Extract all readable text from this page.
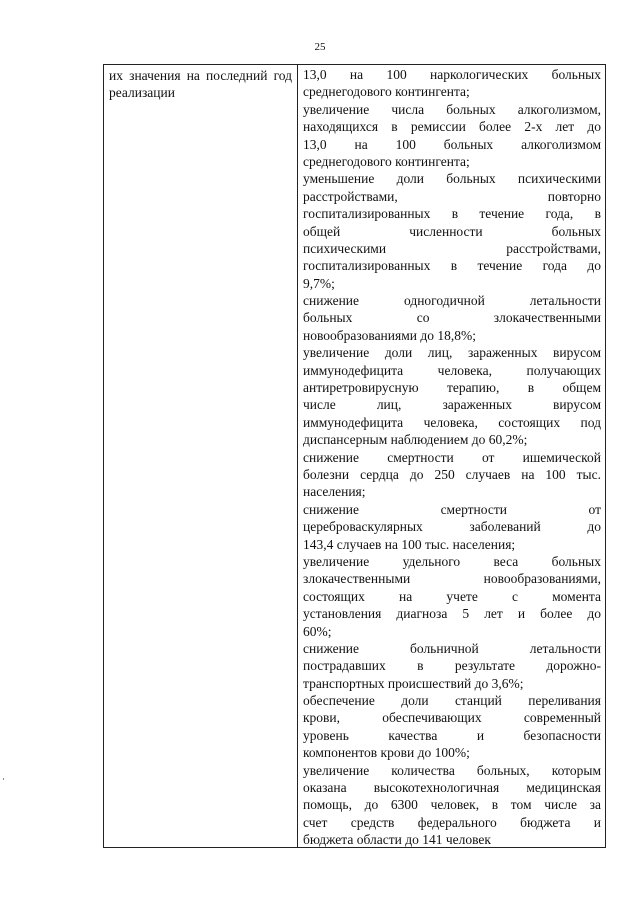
25
их значения на последний год реализации
13,0 на 100 наркологических больных
среднегодового контингента;
увеличение числа больных алкоголизмом,
находящихся в ремиссии более 2-х лет до
13,0 на 100 больных алкоголизмом
среднегодового контингента;
уменьшение доли больных психическими
расстройствами, повторно
госпитализированных в течение года, в
общей численности больных
психическими расстройствами,
госпитализированных в течение года до
9,7%;
снижение одногодичной летальности
больных со злокачественными
новообразованиями до 18,8%;
увеличение доли лиц, зараженных вирусом
иммунодефицита человека, получающих
антиретровирусную терапию, в общем
числе лиц, зараженных вирусом
иммунодефицита человека, состоящих под
диспансерным наблюдением до 60,2%;
снижение смертности от ишемической
болезни сердца до 250 случаев на 100 тыс.
населения;
снижение смертности от
цереброваскулярных заболеваний до
143,4 случаев на 100 тыс. населения;
увеличение удельного веса больных
злокачественными новообразованиями,
состоящих на учете с момента
установления диагноза 5 лет и более до
60%;
снижение больничной летальности
пострадавших в результате дорожно-
транспортных происшествий до 3,6%;
обеспечение доли станций переливания
крови, обеспечивающих современный
уровень качества и безопасности
компонентов крови до 100%;
увеличение количества больных, которым
оказана высокотехнологичная медицинская
помощь, до 6300 человек, в том числе за
счет средств федерального бюджета и
бюджета области до 141 человек
